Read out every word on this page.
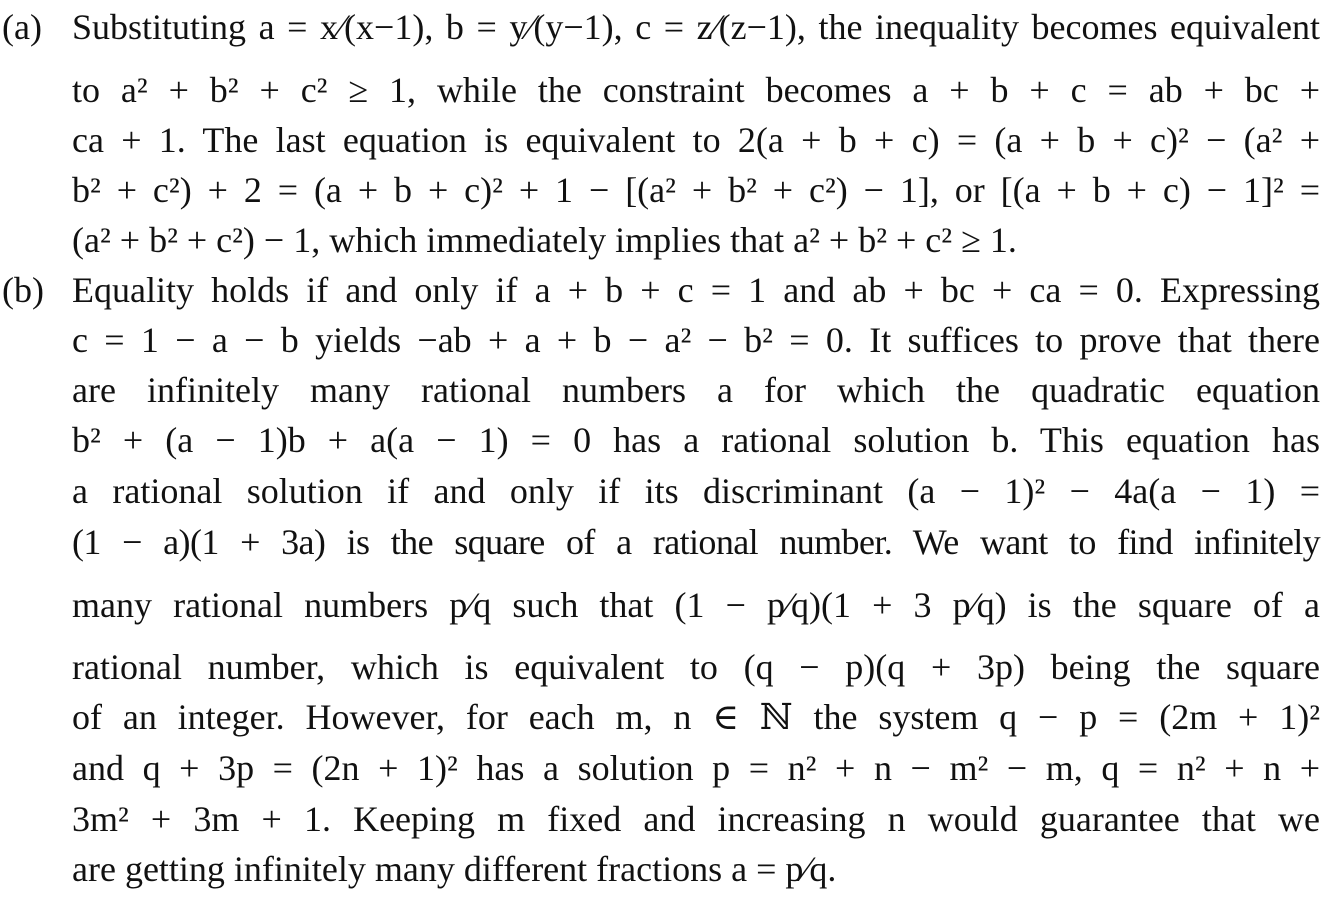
(a) Substituting a = x⁄(x−1), b = y⁄(y−1), c = z⁄(z−1), the inequality becomes equivalent
to a² + b² + c² ≥ 1, while the constraint becomes a + b + c = ab + bc +
ca + 1. The last equation is equivalent to 2(a + b + c) = (a + b + c)² − (a² +
b² + c²) + 2 = (a + b + c)² + 1 − [(a² + b² + c²) − 1], or [(a + b + c) − 1]² =
(a² + b² + c²) − 1, which immediately implies that a² + b² + c² ≥ 1.
(b) Equality holds if and only if a + b + c = 1 and ab + bc + ca = 0. Expressing
c = 1 − a − b yields −ab + a + b − a² − b² = 0. It suffices to prove that there
are infinitely many rational numbers a for which the quadratic equation
b² + (a − 1)b + a(a − 1) = 0 has a rational solution b. This equation has
a rational solution if and only if its discriminant (a − 1)² − 4a(a − 1) =
(1 − a)(1 + 3a) is the square of a rational number. We want to find infinitely
many rational numbers p⁄q such that (1 − p⁄q)(1 + 3 p⁄q) is the square of a
rational number, which is equivalent to (q − p)(q + 3p) being the square
of an integer. However, for each m, n ∈ ℕ the system q − p = (2m + 1)²
and q + 3p = (2n + 1)² has a solution p = n² + n − m² − m, q = n² + n +
3m² + 3m + 1. Keeping m fixed and increasing n would guarantee that we
are getting infinitely many different fractions a = p⁄q.
